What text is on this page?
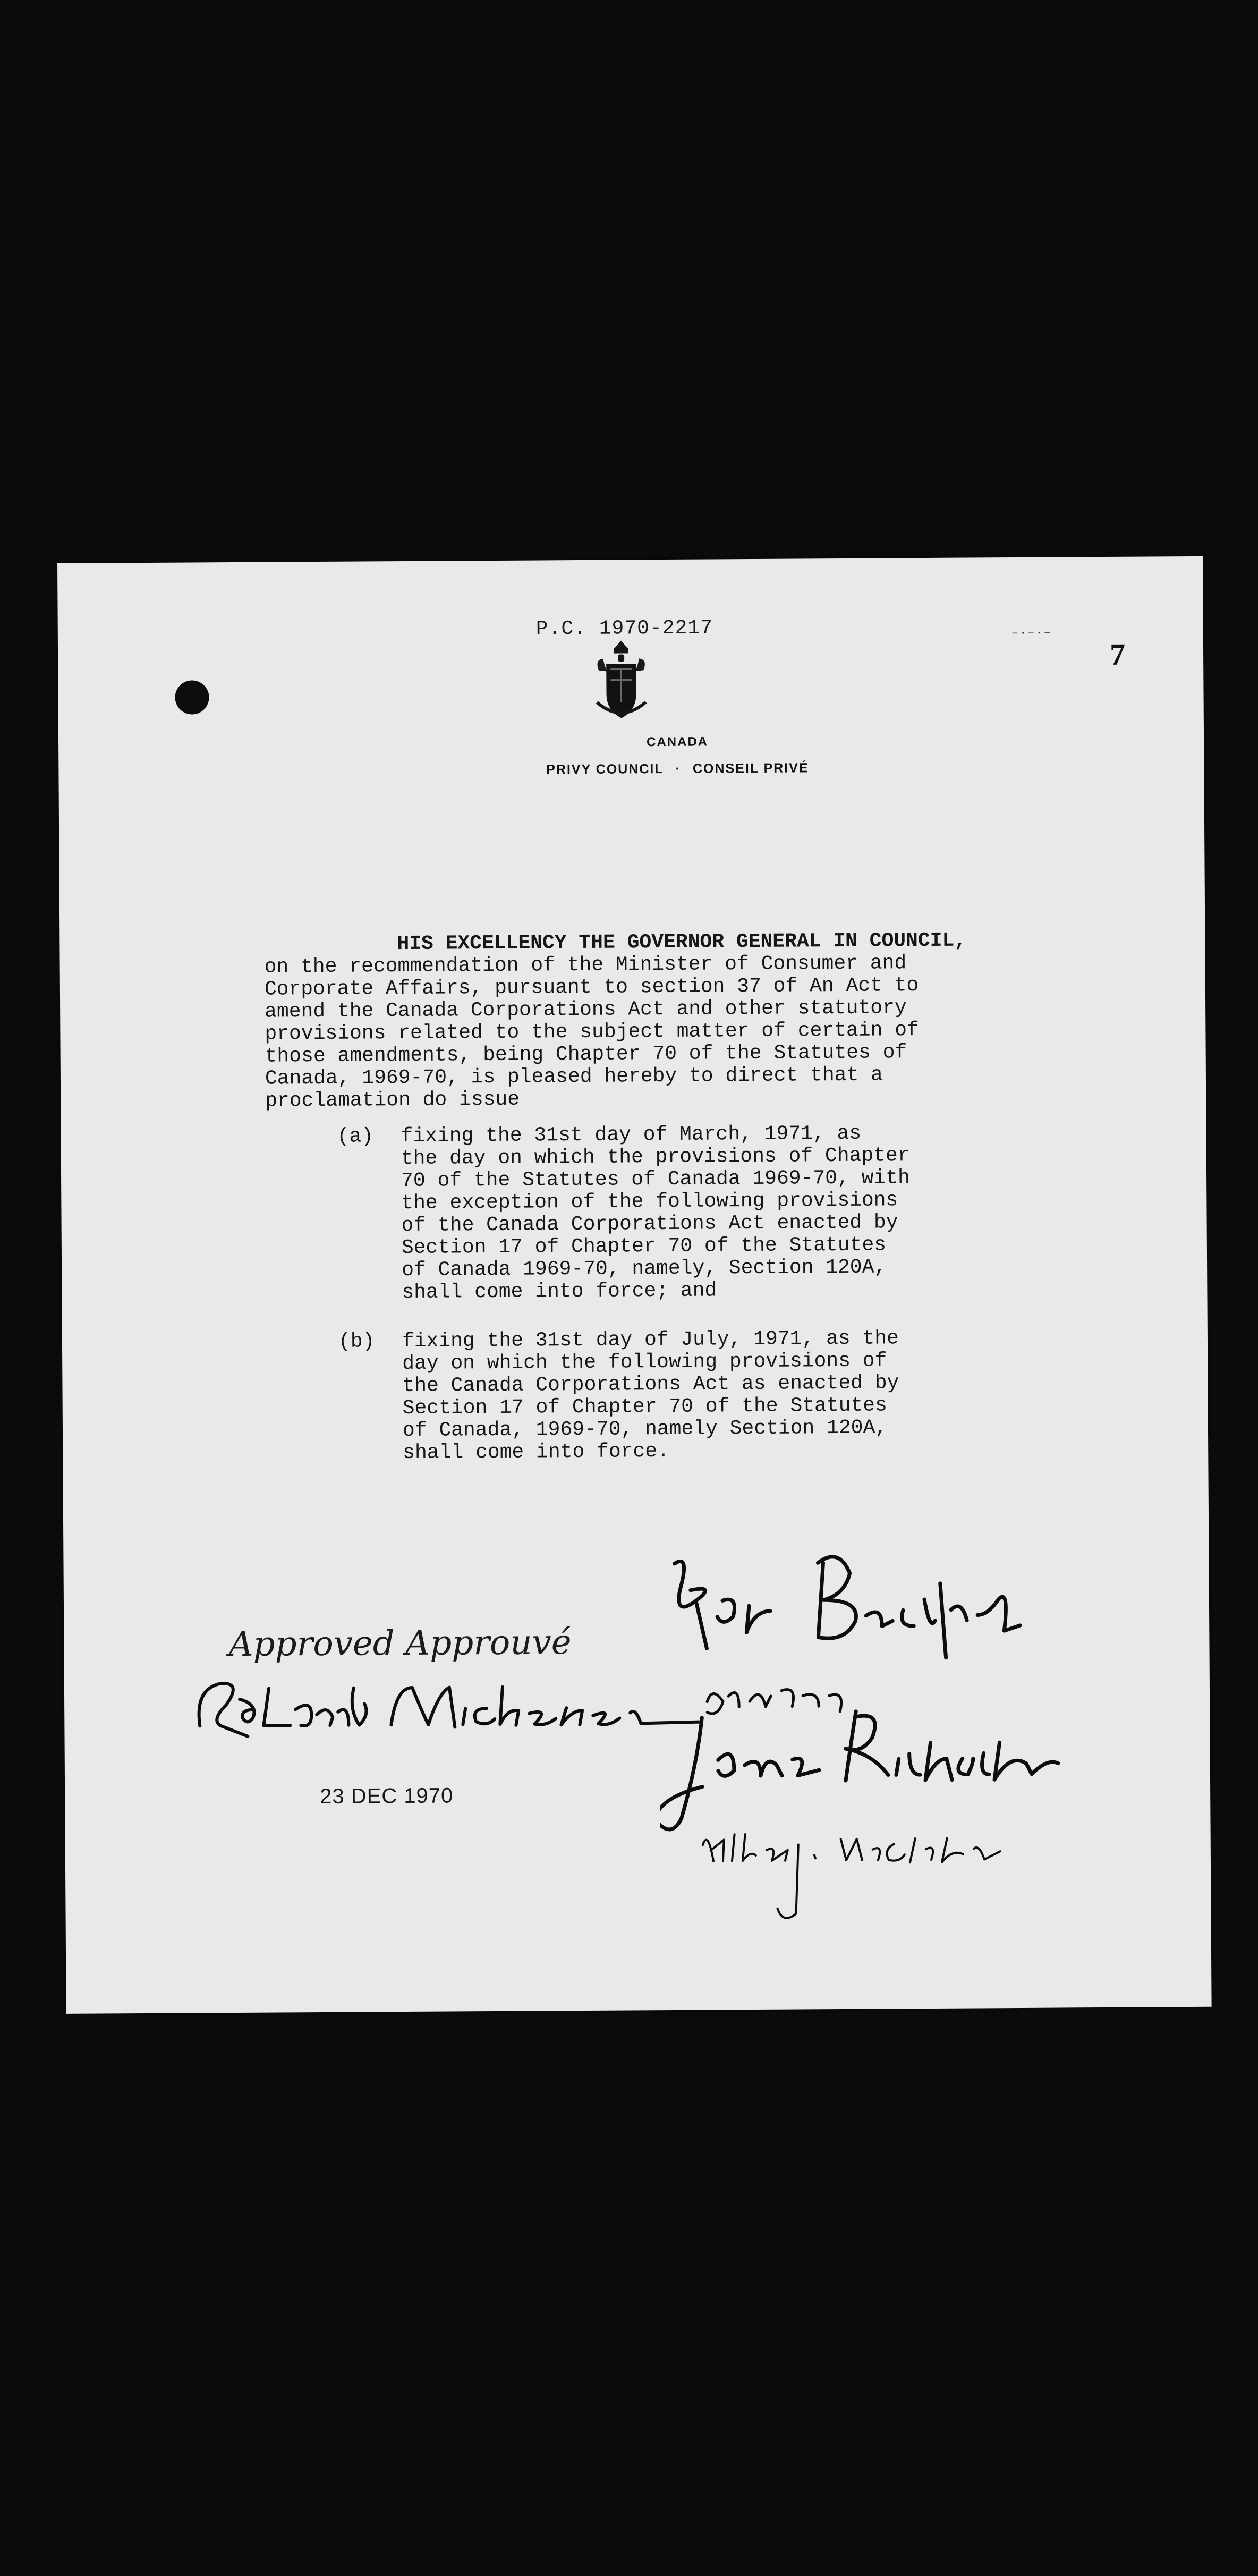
P.C. 1970-2217	–·–·–
7
CANADA
PRIVY COUNCIL · CONSEIL PRIVÉ
HIS EXCELLENCY THE GOVERNOR GENERAL IN COUNCIL,
on the recommendation of the Minister of Consumer and
Corporate Affairs, pursuant to section 37 of An Act to
amend the Canada Corporations Act and other statutory
provisions related to the subject matter of certain of
those amendments, being Chapter 70 of the Statutes of
Canada, 1969-70, is pleased hereby to direct that a
proclamation do issue
(a) fixing the 31st day of March, 1971, as
the day on which the provisions of Chapter
70 of the Statutes of Canada 1969-70, with
the exception of the following provisions
of the Canada Corporations Act enacted by
Section 17 of Chapter 70 of the Statutes
of Canada 1969-70, namely, Section 120A,
shall come into force; and
(b) fixing the 31st day of July, 1971, as the
day on which the following provisions of
the Canada Corporations Act as enacted by
Section 17 of Chapter 70 of the Statutes
of Canada, 1969-70, namely Section 120A,
shall come into force.
Approved Approuvé
23 DEC 1970
